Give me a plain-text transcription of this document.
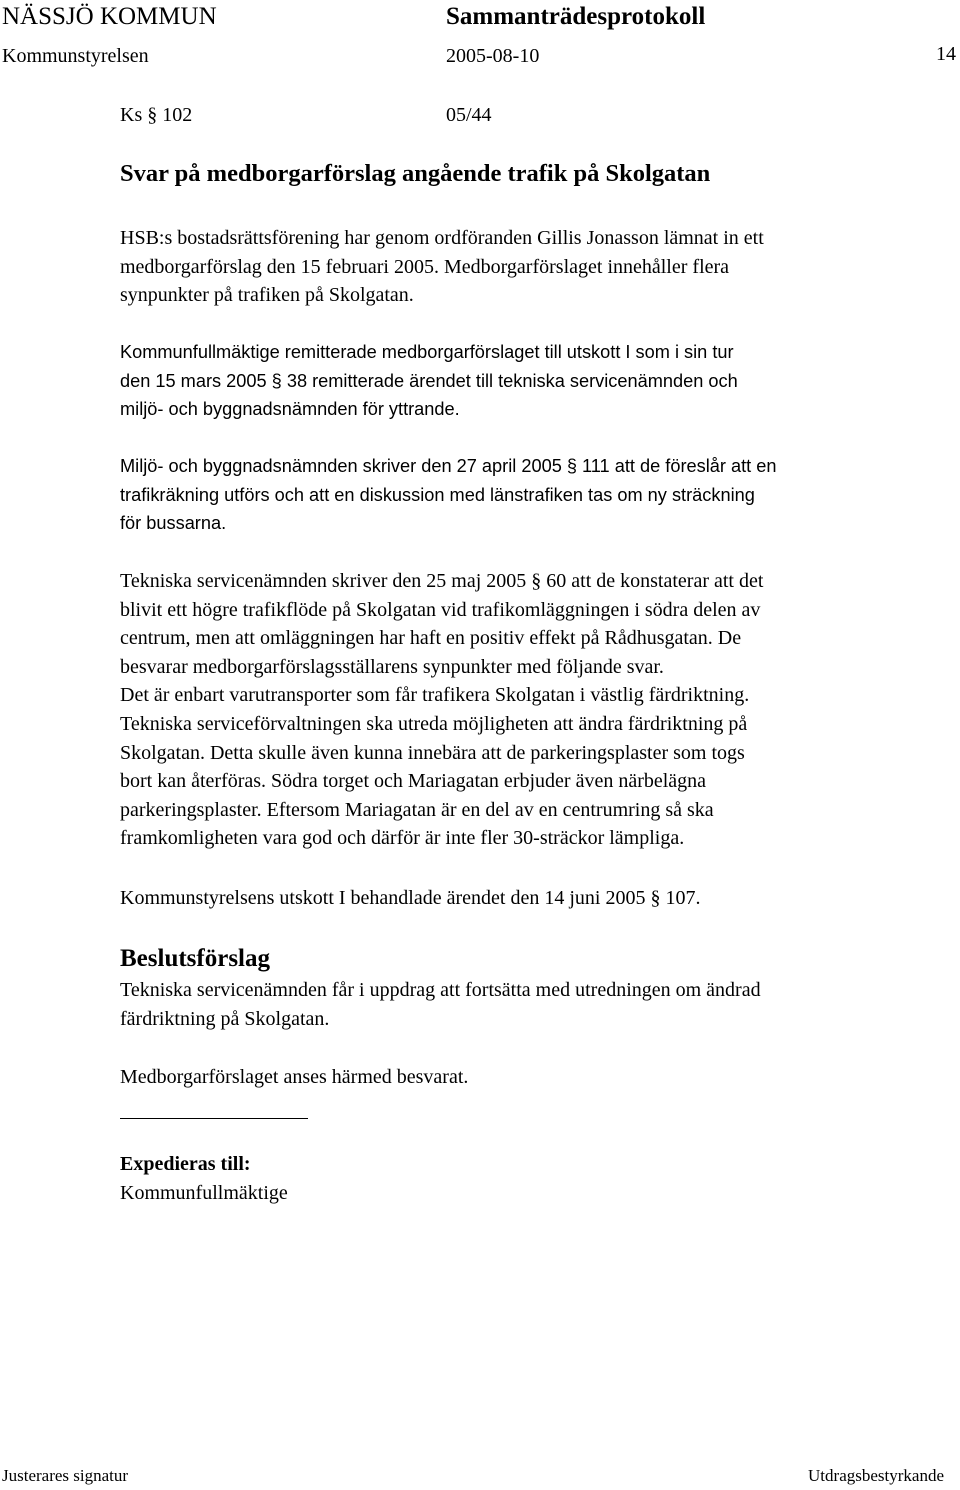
NÄSSJÖ KOMMUN	Sammanträdesprotokoll
Kommunstyrelsen	2005-08-10	14
Ks § 102	05/44
Svar på medborgarförslag angående trafik på Skolgatan
HSB:s bostadsrättsförening har genom ordföranden Gillis Jonasson lämnat in ett
medborgarförslag den 15 februari 2005. Medborgarförslaget innehåller flera
synpunkter på trafiken på Skolgatan.
Kommunfullmäktige remitterade medborgarförslaget till utskott I som i sin tur
den 15 mars 2005 § 38 remitterade ärendet till tekniska servicenämnden och
miljö- och byggnadsnämnden för yttrande.
Miljö- och byggnadsnämnden skriver den 27 april 2005 § 111 att de föreslår att en
trafikräkning utförs och att en diskussion med länstrafiken tas om ny sträckning
för bussarna.
Tekniska servicenämnden skriver den 25 maj 2005 § 60 att de konstaterar att det
blivit ett högre trafikflöde på Skolgatan vid trafikomläggningen i södra delen av
centrum, men att omläggningen har haft en positiv effekt på Rådhusgatan. De
besvarar medborgarförslagsställarens synpunkter med följande svar.
Det är enbart varutransporter som får trafikera Skolgatan i västlig färdriktning.
Tekniska serviceförvaltningen ska utreda möjligheten att ändra färdriktning på
Skolgatan. Detta skulle även kunna innebära att de parkeringsplaster som togs
bort kan återföras. Södra torget och Mariagatan erbjuder även närbelägna
parkeringsplaster. Eftersom Mariagatan är en del av en centrumring så ska
framkomligheten vara god och därför är inte fler 30-sträckor lämpliga.
Kommunstyrelsens utskott I behandlade ärendet den 14 juni 2005 § 107.
Beslutsförslag
Tekniska servicenämnden får i uppdrag att fortsätta med utredningen om ändrad
färdriktning på Skolgatan.
Medborgarförslaget anses härmed besvarat.
Expedieras till:
Kommunfullmäktige
Justerares signatur	Utdragsbestyrkande
